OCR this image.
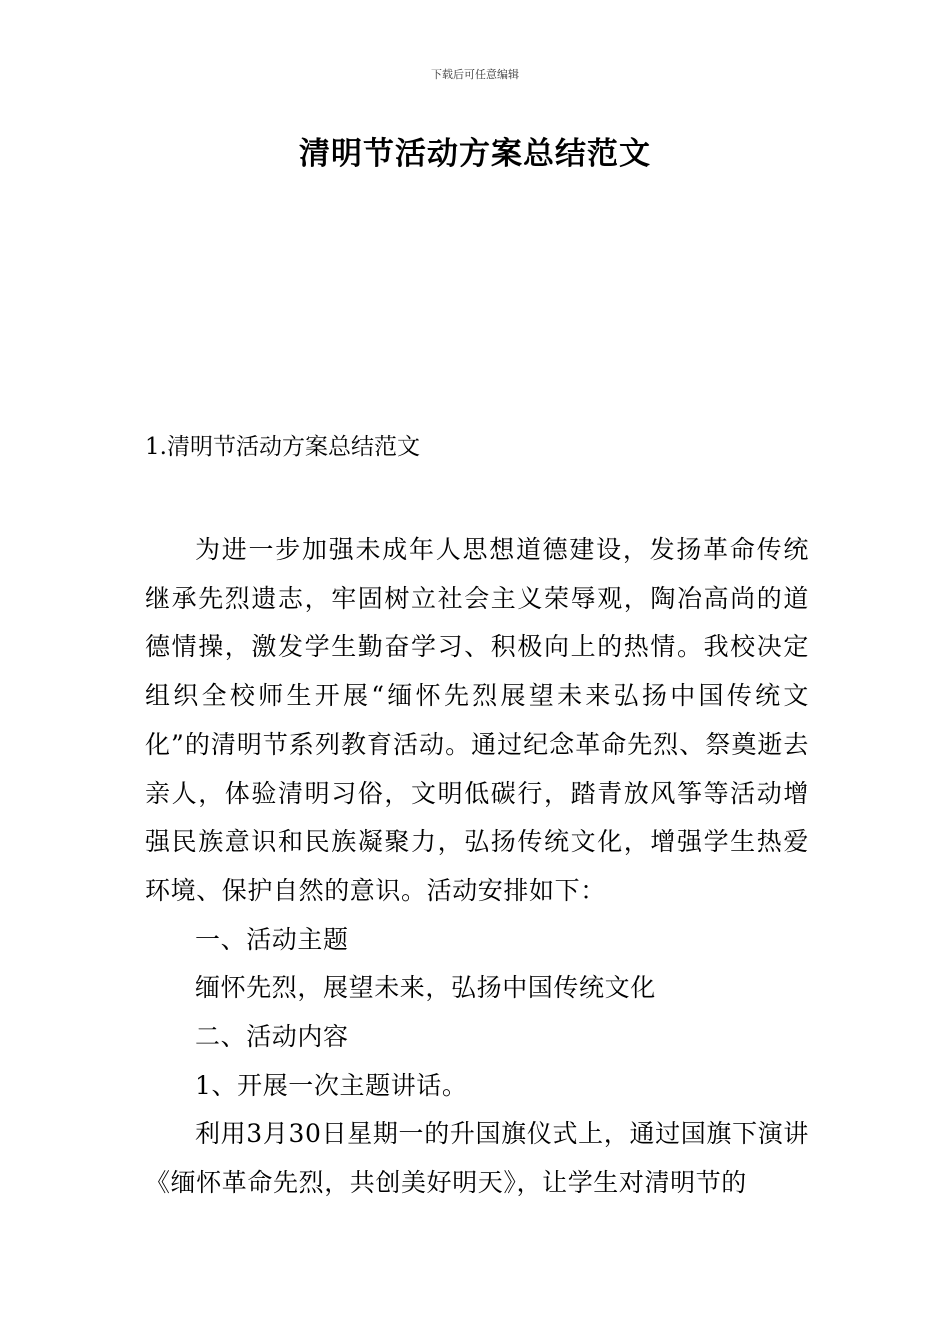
下载后可任意编辑
清明节活动方案总结范文
1.清明节活动方案总结范文

为进一步加强未成年人思想道德建设，发扬革命传统继承先烈遗志，牢固树立社会主义荣辱观，陶冶高尚的道德情操，激发学生勤奋学习、积极向上的热情。我校决定组织全校师生开展“缅怀先烈展望未来弘扬中国传统文化”的清明节系列教育活动。通过纪念革命先烈、祭奠逝去亲人，体验清明习俗，文明低碳行，踏青放风筝等活动增强民族意识和民族凝聚力，弘扬传统文化，增强学生热爱环境、保护自然的意识。活动安排如下：

一、活动主题

缅怀先烈，展望未来，弘扬中国传统文化

二、活动内容

1、开展一次主题讲话。

利用3月30日星期一的升国旗仪式上，通过国旗下演讲《缅怀革命先烈，共创美好明天》，让学生对清明节的
